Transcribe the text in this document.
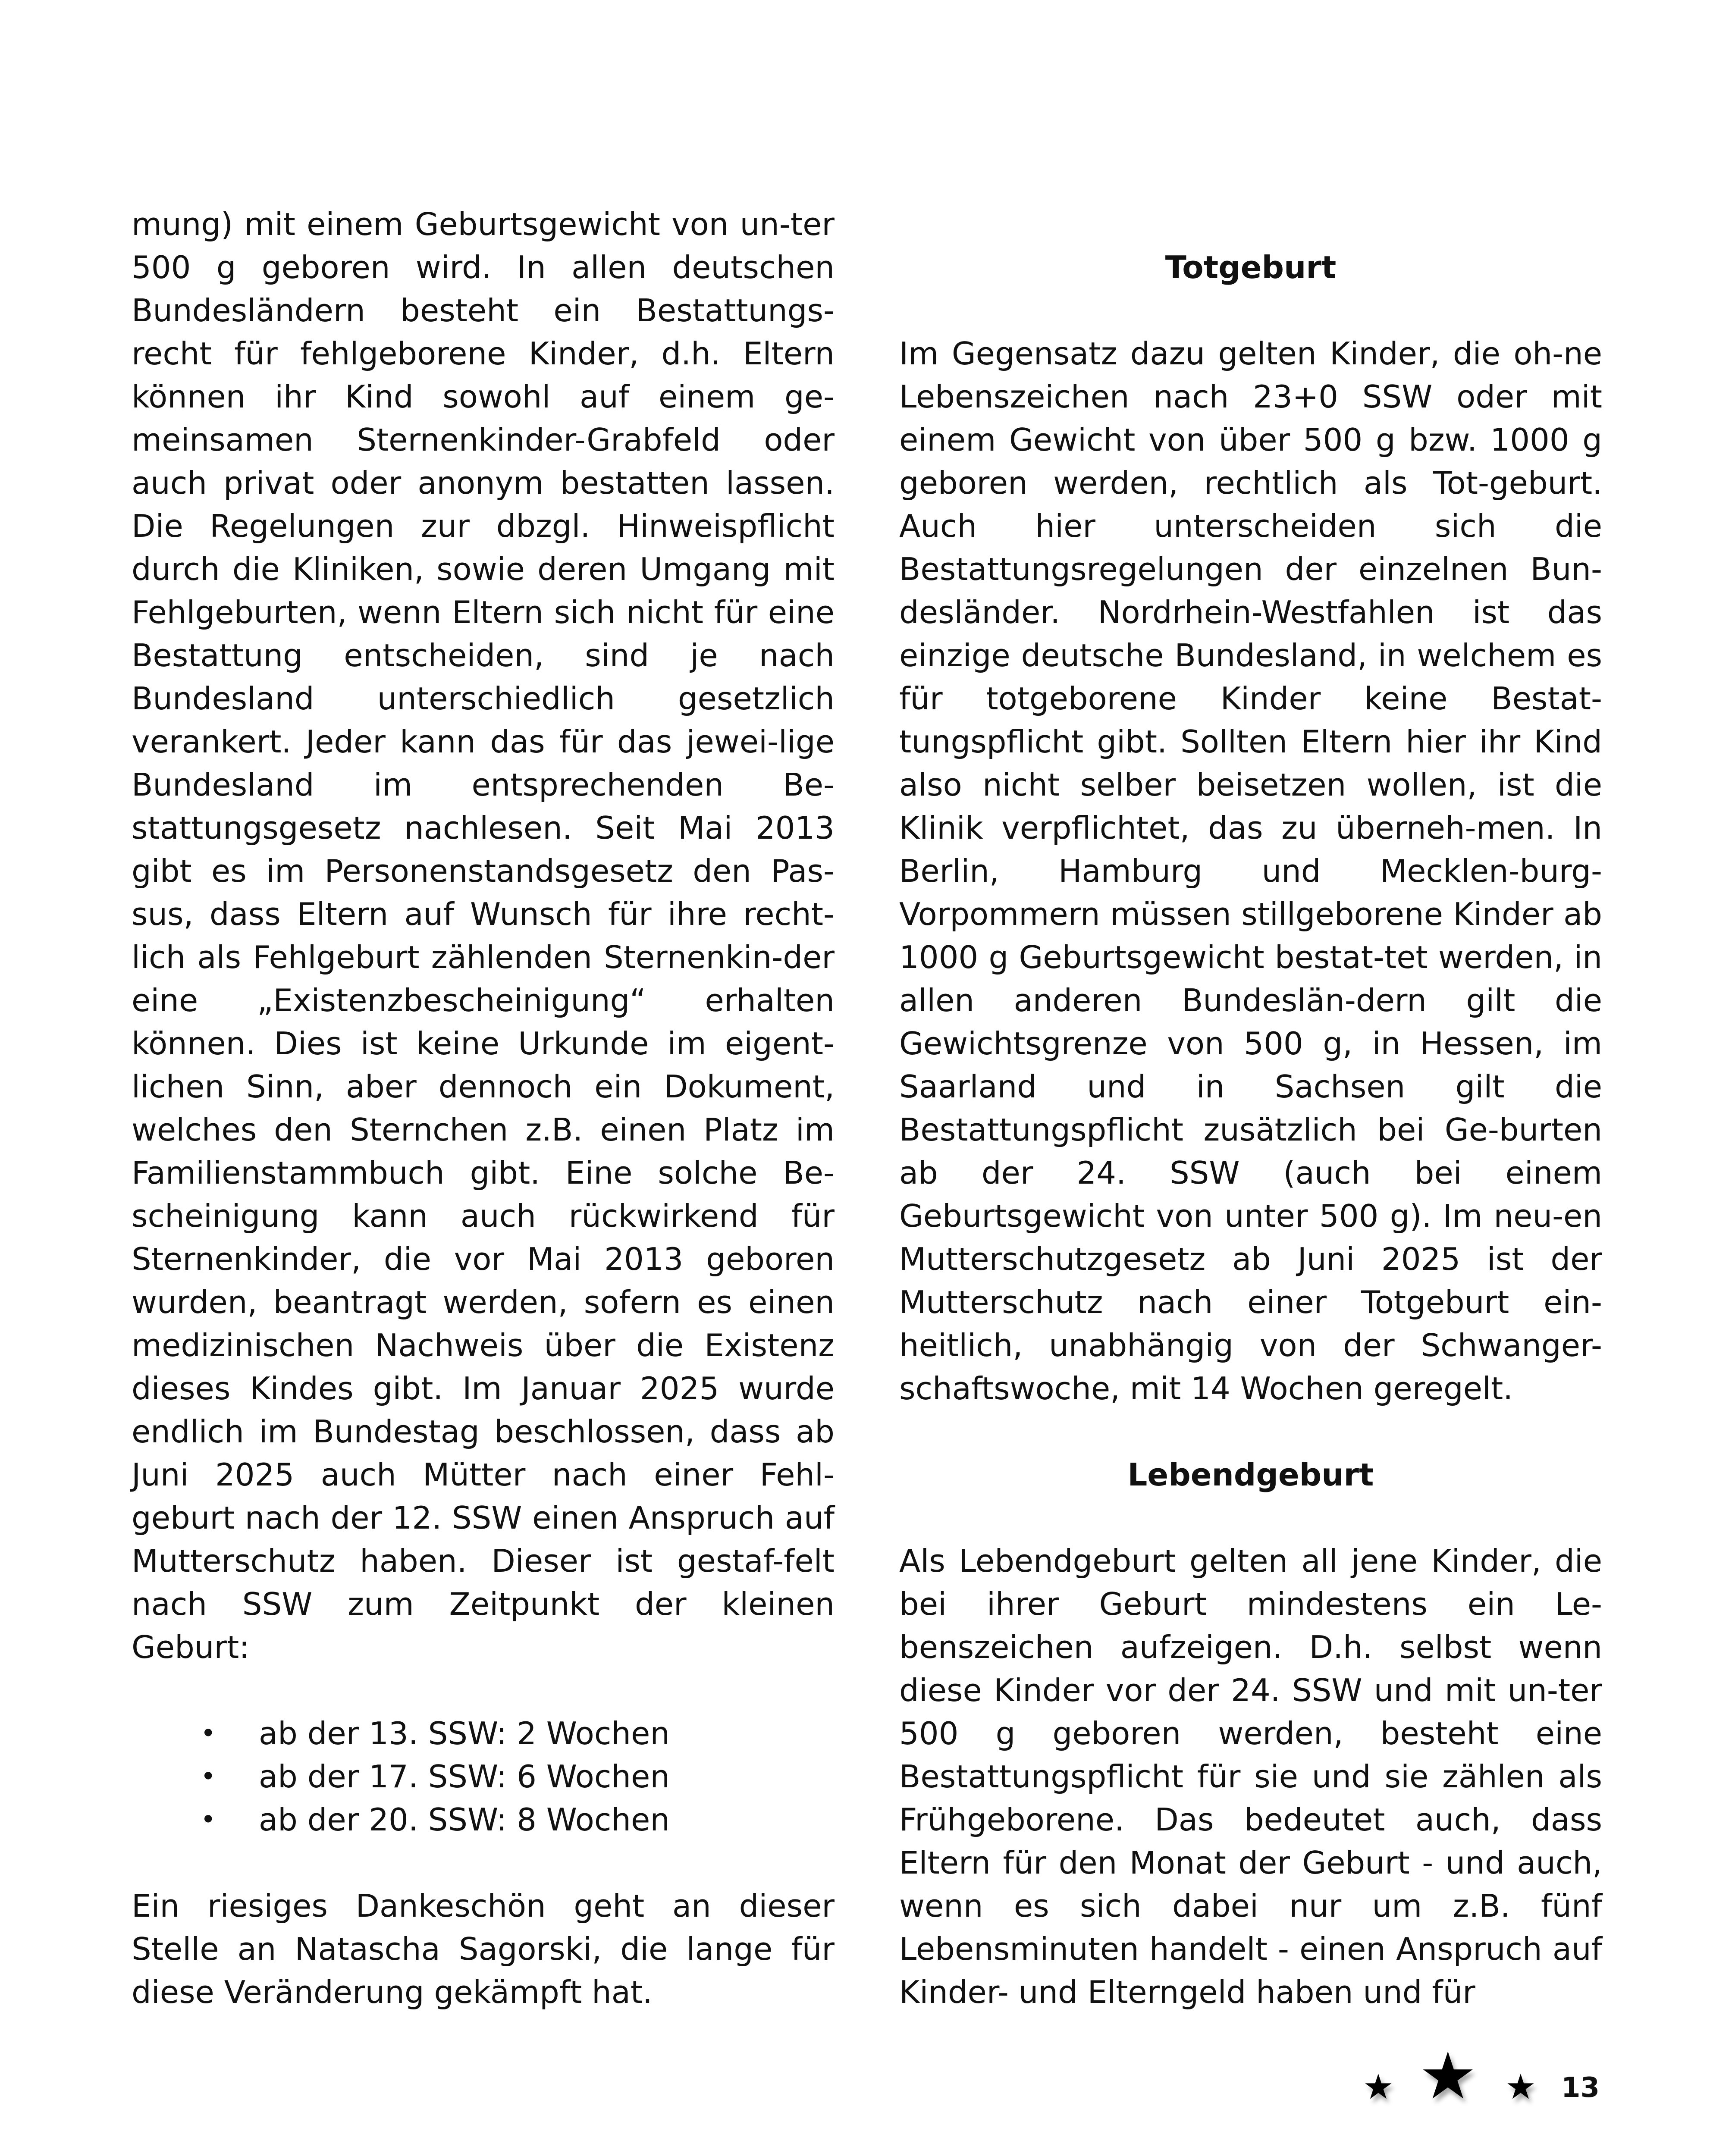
mung) mit einem Geburtsgewicht von un-ter 500 g geboren wird. In allen deutschen Bundesländern besteht ein Bestattungs-recht für fehlgeborene Kinder, d.h. Eltern können ihr Kind sowohl auf einem ge-meinsamen Sternenkinder-Grabfeld oder auch privat oder anonym bestatten lassen. Die Regelungen zur dbzgl. Hinweispflicht durch die Kliniken, sowie deren Umgang mit Fehlgeburten, wenn Eltern sich nicht für eine Bestattung entscheiden, sind je nach Bundesland unterschiedlich gesetzlich verankert. Jeder kann das für das jewei-lige Bundesland im entsprechenden Be-stattungsgesetz nachlesen. Seit Mai 2013 gibt es im Personenstandsgesetz den Pas-sus, dass Eltern auf Wunsch für ihre recht-lich als Fehlgeburt zählenden Sternenkin-der eine „Existenzbescheinigung“ erhalten können. Dies ist keine Urkunde im eigent-lichen Sinn, aber dennoch ein Dokument, welches den Sternchen z.B. einen Platz im Familienstammbuch gibt. Eine solche Be-scheinigung kann auch rückwirkend für Sternenkinder, die vor Mai 2013 geboren wurden, beantragt werden, sofern es einen medizinischen Nachweis über die Existenz dieses Kindes gibt. Im Januar 2025 wurde endlich im Bundestag beschlossen, dass ab Juni 2025 auch Mütter nach einer Fehl-geburt nach der 12. SSW einen Anspruch auf Mutterschutz haben. Dieser ist gestaf-felt nach SSW zum Zeitpunkt der kleinen Geburt:

• ab der 13. SSW: 2 Wochen
• ab der 17. SSW: 6 Wochen
• ab der 20. SSW: 8 Wochen

Ein riesiges Dankeschön geht an dieser Stelle an Natascha Sagorski, die lange für diese Veränderung gekämpft hat.

Totgeburt

Im Gegensatz dazu gelten Kinder, die oh-ne Lebenszeichen nach 23+0 SSW oder mit einem Gewicht von über 500 g bzw. 1000 g geboren werden, rechtlich als Tot-geburt. Auch hier unterscheiden sich die Bestattungsregelungen der einzelnen Bun-desländer. Nordrhein-Westfahlen ist das einzige deutsche Bundesland, in welchem es für totgeborene Kinder keine Bestat-tungspflicht gibt. Sollten Eltern hier ihr Kind also nicht selber beisetzen wollen, ist die Klinik verpflichtet, das zu überneh-men. In Berlin, Hamburg und Mecklen-burg-Vorpommern müssen stillgeborene Kinder ab 1000 g Geburtsgewicht bestat-tet werden, in allen anderen Bundeslän-dern gilt die Gewichtsgrenze von 500 g, in Hessen, im Saarland und in Sachsen gilt die Bestattungspflicht zusätzlich bei Ge-burten ab der 24. SSW (auch bei einem Geburtsgewicht von unter 500 g). Im neu-en Mutterschutzgesetz ab Juni 2025 ist der Mutterschutz nach einer Totgeburt ein-heitlich, unabhängig von der Schwanger-schaftswoche, mit 14 Wochen geregelt.

Lebendgeburt

Als Lebendgeburt gelten all jene Kinder, die bei ihrer Geburt mindestens ein Le-benszeichen aufzeigen. D.h. selbst wenn diese Kinder vor der 24. SSW und mit un-ter 500 g geboren werden, besteht eine Bestattungspflicht für sie und sie zählen als Frühgeborene. Das bedeutet auch, dass Eltern für den Monat der Geburt - und auch, wenn es sich dabei nur um z.B. fünf Lebensminuten handelt - einen Anspruch auf Kinder- und Elterngeld haben und für

★ ★ ★ 13
